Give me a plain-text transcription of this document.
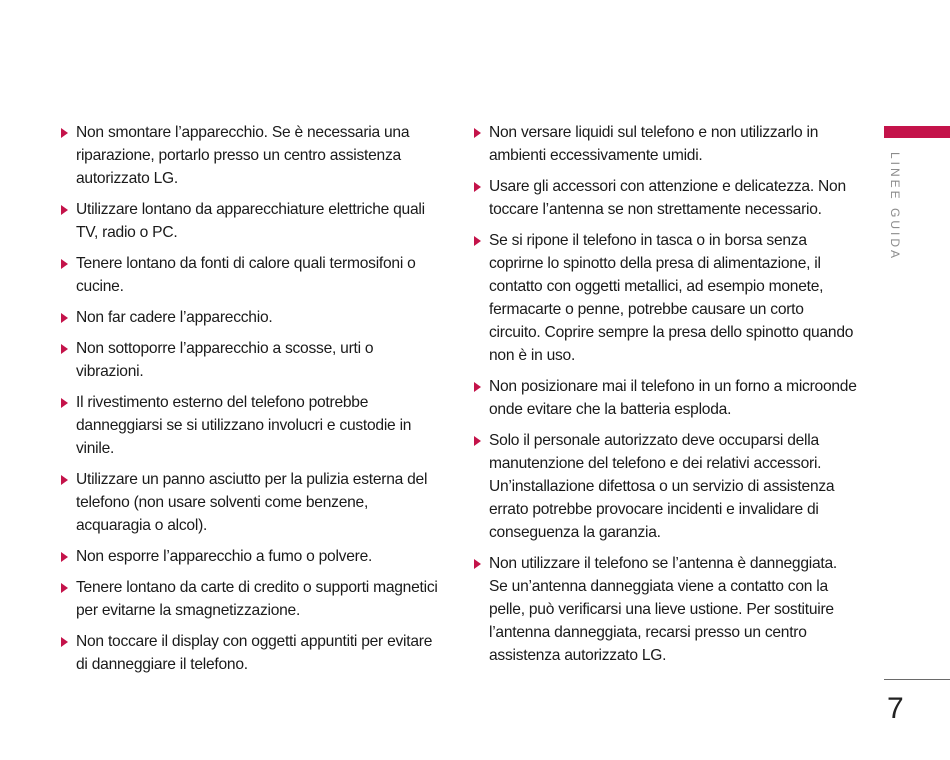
Non smontare l’apparecchio. Se è necessaria una riparazione, portarlo presso un centro assistenza autorizzato LG.
Utilizzare lontano da apparecchiature elettriche quali TV, radio o PC.
Tenere lontano da fonti di calore quali termosifoni o cucine.
Non far cadere l’apparecchio.
Non sottoporre l’apparecchio a scosse, urti o vibrazioni.
Il rivestimento esterno del telefono potrebbe danneggiarsi se si utilizzano involucri e custodie in vinile.
Utilizzare un panno asciutto per la pulizia esterna del telefono (non usare solventi come benzene, acquaragia o alcol).
Non esporre l’apparecchio a fumo o polvere.
Tenere lontano da carte di credito o supporti magnetici per evitarne la smagnetizzazione.
Non toccare il display con oggetti appuntiti per evitare di danneggiare il telefono.
Non versare liquidi sul telefono e non utilizzarlo in ambienti eccessivamente umidi.
Usare gli accessori con attenzione e delicatezza. Non toccare l’antenna se non strettamente necessario.
Se si ripone il telefono in tasca o in borsa senza coprirne lo spinotto della presa di alimentazione, il contatto con oggetti metallici, ad esempio monete, fermacarte o penne, potrebbe causare un corto circuito. Coprire sempre la presa dello spinotto quando non è in uso.
Non posizionare mai il telefono in un forno a microonde onde evitare che la batteria esploda.
Solo il personale autorizzato deve occuparsi della manutenzione del telefono e dei relativi accessori. Un’installazione difettosa o un servizio di assistenza errato potrebbe provocare incidenti e invalidare di conseguenza la garanzia.
Non utilizzare il telefono se l’antenna è danneggiata. Se un’antenna danneggiata viene a contatto con la pelle, può verificarsi una lieve ustione. Per sostituire l’antenna danneggiata, recarsi presso un centro assistenza autorizzato LG.
LINEE GUIDA
7
